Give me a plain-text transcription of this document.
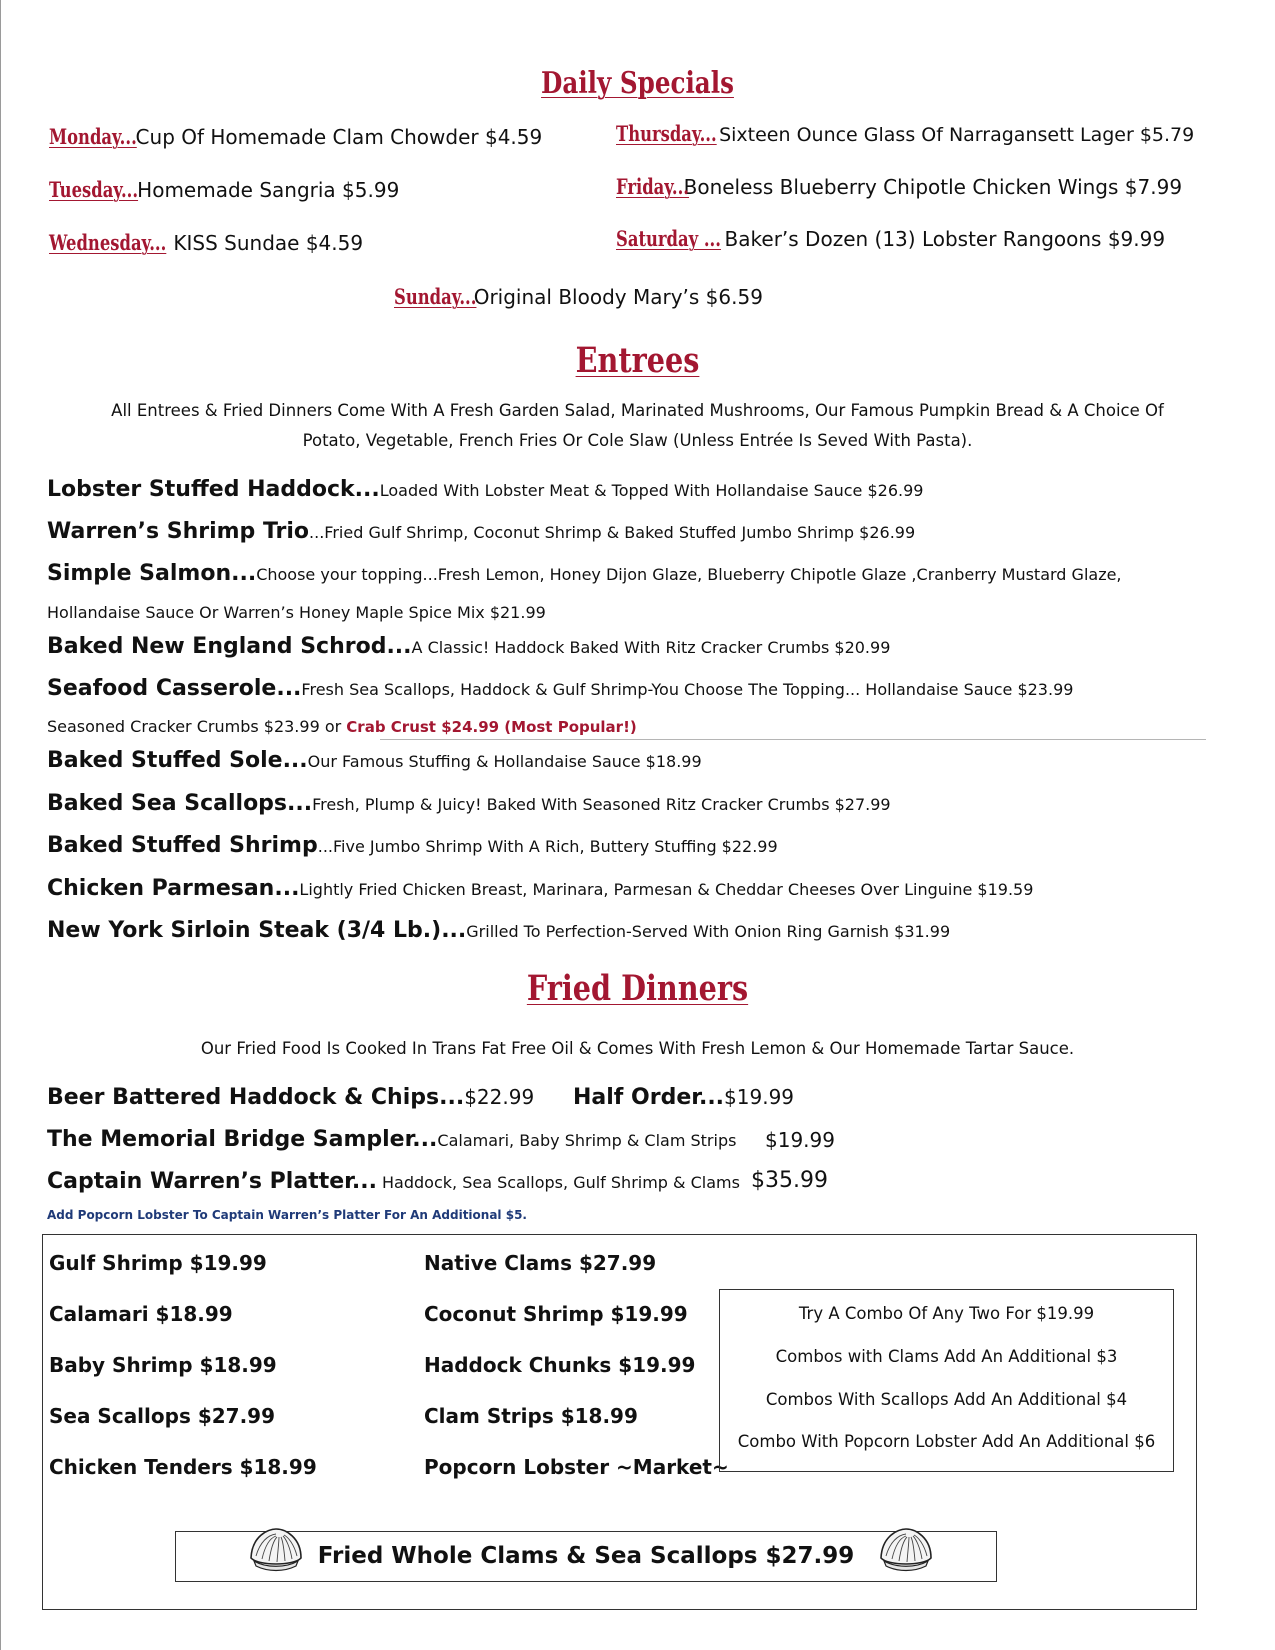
Daily Specials
Monday...
Cup Of Homemade Clam Chowder $4.59
Tuesday... Homemade Sangria $5.99
Wednesday... KISS Sundae $4.59
Thursday... Sixteen Ounce Glass Of Narragansett Lager $5.79
Friday...
Boneless Blueberry Chipotle Chicken Wings $7.99
Saturday ... Baker’s Dozen (13) Lobster Rangoons $9.99
Sunday...
Original Bloody Mary’s $6.59
Entrees
All Entrees & Fried Dinners Come With A Fresh Garden Salad, Marinated Mushrooms, Our Famous Pumpkin Bread & A Choice Of
Potato, Vegetable, French Fries Or Cole Slaw (Unless Entrée Is Seved With Pasta).
Lobster Stuffed Haddock...Loaded With Lobster Meat & Topped With Hollandaise Sauce $26.99
Warren’s Shrimp Trio...Fried Gulf Shrimp, Coconut Shrimp & Baked Stuffed Jumbo Shrimp $26.99
Simple Salmon...Choose your topping...Fresh Lemon, Honey Dijon Glaze, Blueberry Chipotle Glaze ,Cranberry Mustard Glaze,
Hollandaise Sauce Or Warren’s Honey Maple Spice Mix $21.99
Baked New England Schrod...A Classic! Haddock Baked With Ritz Cracker Crumbs $20.99
Seafood Casserole...Fresh Sea Scallops, Haddock & Gulf Shrimp-You Choose The Topping... Hollandaise Sauce $23.99
Seasoned Cracker Crumbs $23.99 or Crab Crust $24.99 (Most Popular!)
Baked Stuffed Sole...Our Famous Stuffing & Hollandaise Sauce $18.99
Baked Sea Scallops...Fresh, Plump & Juicy! Baked With Seasoned Ritz Cracker Crumbs $27.99
Baked Stuffed Shrimp...Five Jumbo Shrimp With A Rich, Buttery Stuffing $22.99
Chicken Parmesan...Lightly Fried Chicken Breast, Marinara, Parmesan & Cheddar Cheeses Over Linguine $19.59
New York Sirloin Steak (3/4 Lb.)...Grilled To Perfection-Served With Onion Ring Garnish $31.99
Fried Dinners
Our Fried Food Is Cooked In Trans Fat Free Oil & Comes With Fresh Lemon & Our Homemade Tartar Sauce.
Beer Battered Haddock & Chips...$22.99 Half Order...$19.99
The Memorial Bridge Sampler...Calamari, Baby Shrimp & Clam Strips $19.99
Captain Warren’s Platter... Haddock, Sea Scallops, Gulf Shrimp & Clams $35.99
Add Popcorn Lobster To Captain Warren’s Platter For An Additional $5.
Gulf Shrimp $19.99
Calamari $18.99
Baby Shrimp $18.99
Sea Scallops $27.99
Chicken Tenders $18.99
Native Clams $27.99
Coconut Shrimp $19.99
Haddock Chunks $19.99
Clam Strips $18.99
Popcorn Lobster ~Market~
Try A Combo Of Any Two For $19.99
Combos with Clams Add An Additional $3
Combos With Scallops Add An Additional $4
Combo With Popcorn Lobster Add An Additional $6
Fried Whole Clams & Sea Scallops $27.99
